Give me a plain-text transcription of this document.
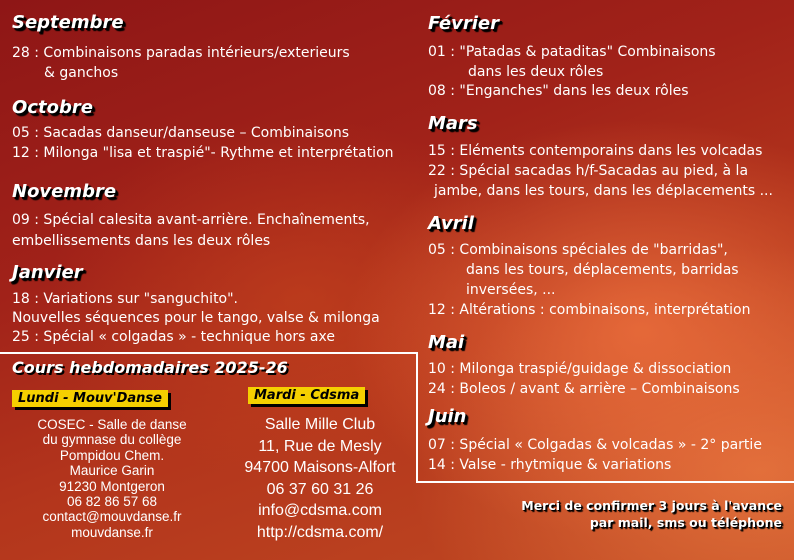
Septembre
28 : Combinaisons paradas intérieurs/exterieurs
& ganchos
Octobre
05 : Sacadas danseur/danseuse – Combinaisons
12 : Milonga "lisa et traspié"- Rythme et interprétation
Novembre
09 : Spécial calesita avant-arrière. Enchaînements,
embellissements dans les deux rôles
Janvier
18 : Variations sur "sanguchito".
Nouvelles séquences pour le tango, valse & milonga
25 : Spécial « colgadas » - technique hors axe
Février
01 : "Patadas & pataditas" Combinaisons
dans les deux rôles
08 : "Enganches" dans les deux rôles
Mars
15 : Eléments contemporains dans les volcadas
22 : Spécial sacadas h/f-Sacadas au pied, à la
jambe, dans les tours, dans les déplacements ...
Avril
05 : Combinaisons spéciales de "barridas",
dans les tours, déplacements, barridas
inversées, ...
12 : Altérations : combinaisons, interprétation
Mai
10 : Milonga traspié/guidage & dissociation
24 : Boleos / avant & arrière – Combinaisons
Juin
07 : Spécial « Colgadas & volcadas » - 2° partie
14 : Valse - rhytmique & variations
Cours hebdomadaires 2025-26
Lundi - Mouv'Danse
COSEC - Salle de danse
du gymnase du collège
Pompidou Chem.
Maurice Garin
91230 Montgeron
06 82 86 57 68
contact@mouvdanse.fr
mouvdanse.fr
Mardi - Cdsma
Salle Mille Club
11, Rue de Mesly
94700 Maisons-Alfort
06 37 60 31 26
info@cdsma.com
http://cdsma.com/
Merci de confirmer 3 jours à l'avance
par mail, sms ou téléphone
